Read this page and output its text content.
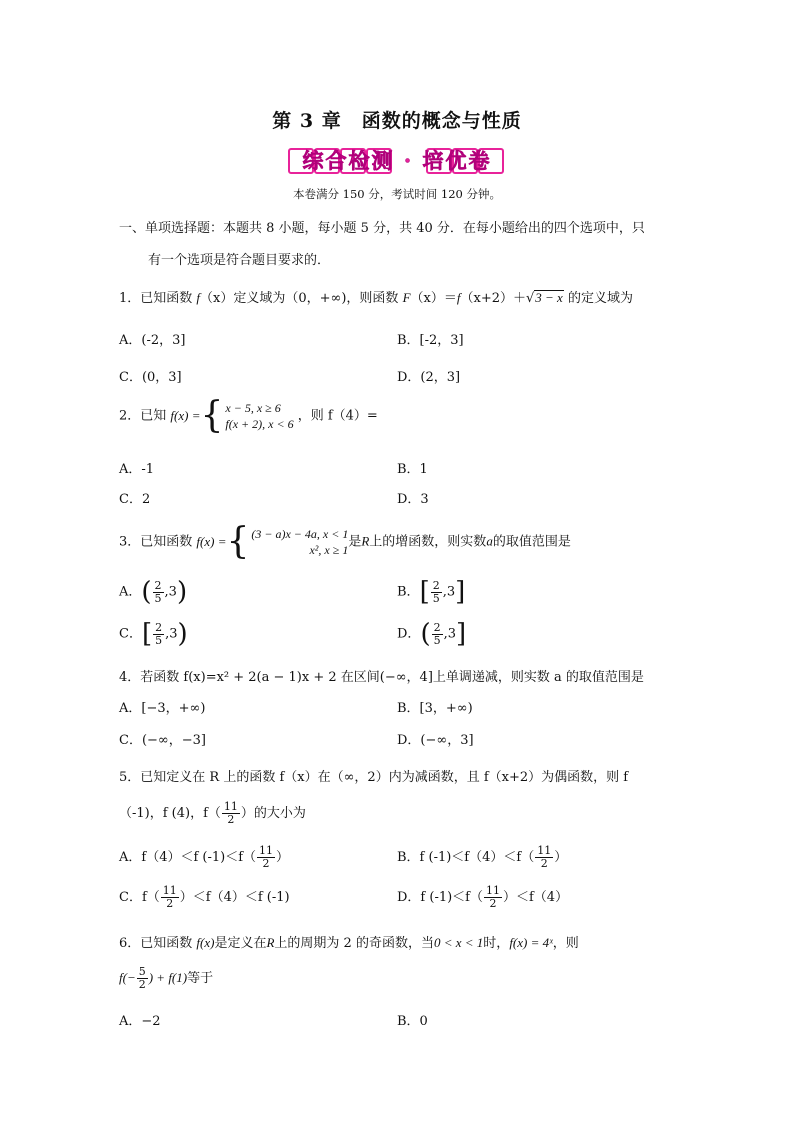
第 3 章　函数的概念与性质
综合检测 · 培优卷
本卷满分 150 分，考试时间 120 分钟。
一、单项选择题：本题共 8 小题，每小题 5 分，共 40 分．在每小题给出的四个选项中，只
有一个选项是符合题目要求的．
1．已知函数 f（x）定义域为（0，+∞)，则函数 F（x）＝f（x+2）＋√3 − x 的定义域为
A．(-2，3]	B．[-2，3]
C．(0，3]	D．(2，3]
2．已知 f(x) = { x − 5, x ≥ 6
f(x + 2), x < 6
，则 f（4）=
A．-1	B．1
C．2	D．3
3．已知函数 f(x) = { (3 − a)x − 4a, x < 1
x², x ≥ 1
是R上的增函数，则实数a的取值范围是
A．( $\frac{2}{5} ,3$)	B．[ $\frac{2}{5} ,3$]
C．[ $\frac{2}{5} ,3$)	D．( $\frac{2}{5} ,3$]
4．若函数 f(x)=x² + 2(a − 1)x + 2 在区间(−∞，4]上单调递减，则实数 a 的取值范围是
A．[−3，+∞)	B．[3，+∞)
C．(−∞，−3]	D．(−∞，3]
5．已知定义在 R 上的函数 f（x）在（∞，2）内为减函数，且 f（x+2）为偶函数，则 f
（-1)，f (4)，$f( \frac{11}{2}$ ）的大小为
A．f（4）＜f $(-1)<f( \frac{11}{2}$ ）	B．f $(-1)<f(4)<f( \frac{11}{2}$ ）
C．$f( \frac{11}{2} )<f(4)<f$ (-1)	D．f $(-1)<f( \frac{11}{2} )<f(4)$
6．已知函数 f(x)是定义在R上的周期为 2 的奇函数，当0 < x < 1时，f(x) = 4ˣ，则
$f(- \frac{5}{2}$ ) + f(1)等于
A．−2	B．0
